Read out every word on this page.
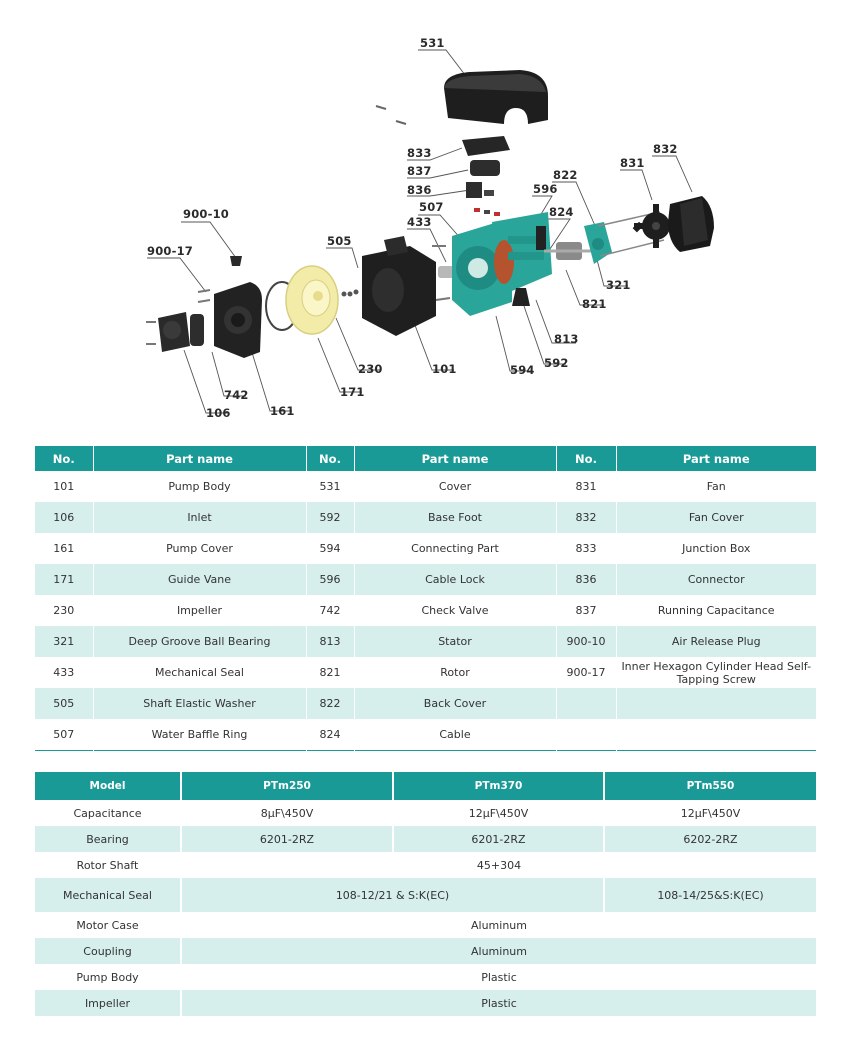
531
833
837
836	596
822
831
832
507
433
824
900-10
505
900-17
321
821
813
230	101	592
594
742	171
106	161
No.	Part name	No.	Part name	No.	Part name
101	Pump Body	531	Cover	831	Fan
106	Inlet	592	Base Foot	832	Fan Cover
161	Pump Cover	594	Connecting Part	833	Junction Box
171	Guide Vane	596	Cable Lock	836	Connector
230	Impeller	742	Check Valve	837	Running Capacitance
321	Deep Groove Ball Bearing	813	Stator	900-10	Air Release Plug
433	Mechanical Seal	821	Rotor	900-17	Inner Hexagon Cylinder Head Self-Tapping Screw
505	Shaft Elastic Washer	822	Back Cover		
507	Water Baffle Ring	824	Cable		
Model	PTm250	PTm370	PTm550
Capacitance	8μF\450V	12μF\450V	12μF\450V
Bearing	6201-2RZ	6201-2RZ	6202-2RZ
Rotor Shaft	45+304		
Mechanical Seal	108-12/21 & S:K(EC)		108-14/25&S:K(EC)
Motor Case	Aluminum		
Coupling	Aluminum		
Pump Body	Plastic		
Impeller	Plastic		
